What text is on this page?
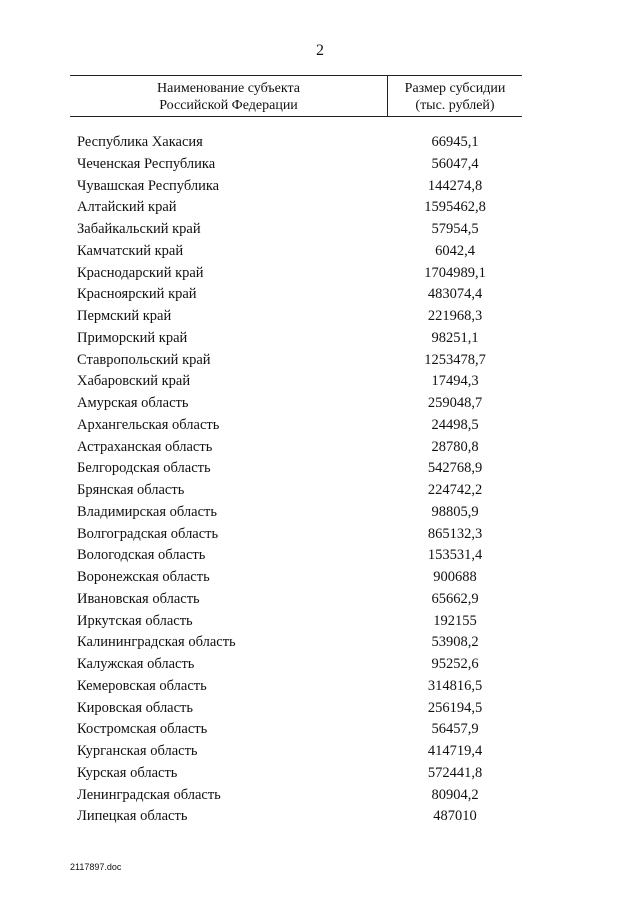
2
Наименование субъекта
Российской Федерации
Размер субсидии
(тыс. рублей)
Республика Хакасия	66945,1
Чеченская Республика	56047,4
Чувашская Республика	144274,8
Алтайский край	1595462,8
Забайкальский край	57954,5
Камчатский край	6042,4
Краснодарский край	1704989,1
Красноярский край	483074,4
Пермский край	221968,3
Приморский край	98251,1
Ставропольский край	1253478,7
Хабаровский край	17494,3
Амурская область	259048,7
Архангельская область	24498,5
Астраханская область	28780,8
Белгородская область	542768,9
Брянская область	224742,2
Владимирская область	98805,9
Волгоградская область	865132,3
Вологодская область	153531,4
Воронежская область	900688
Ивановская область	65662,9
Иркутская область	192155
Калининградская область	53908,2
Калужская область	95252,6
Кемеровская область	314816,5
Кировская область	256194,5
Костромская область	56457,9
Курганская область	414719,4
Курская область	572441,8
Ленинградская область	80904,2
Липецкая область	487010
2117897.doc
